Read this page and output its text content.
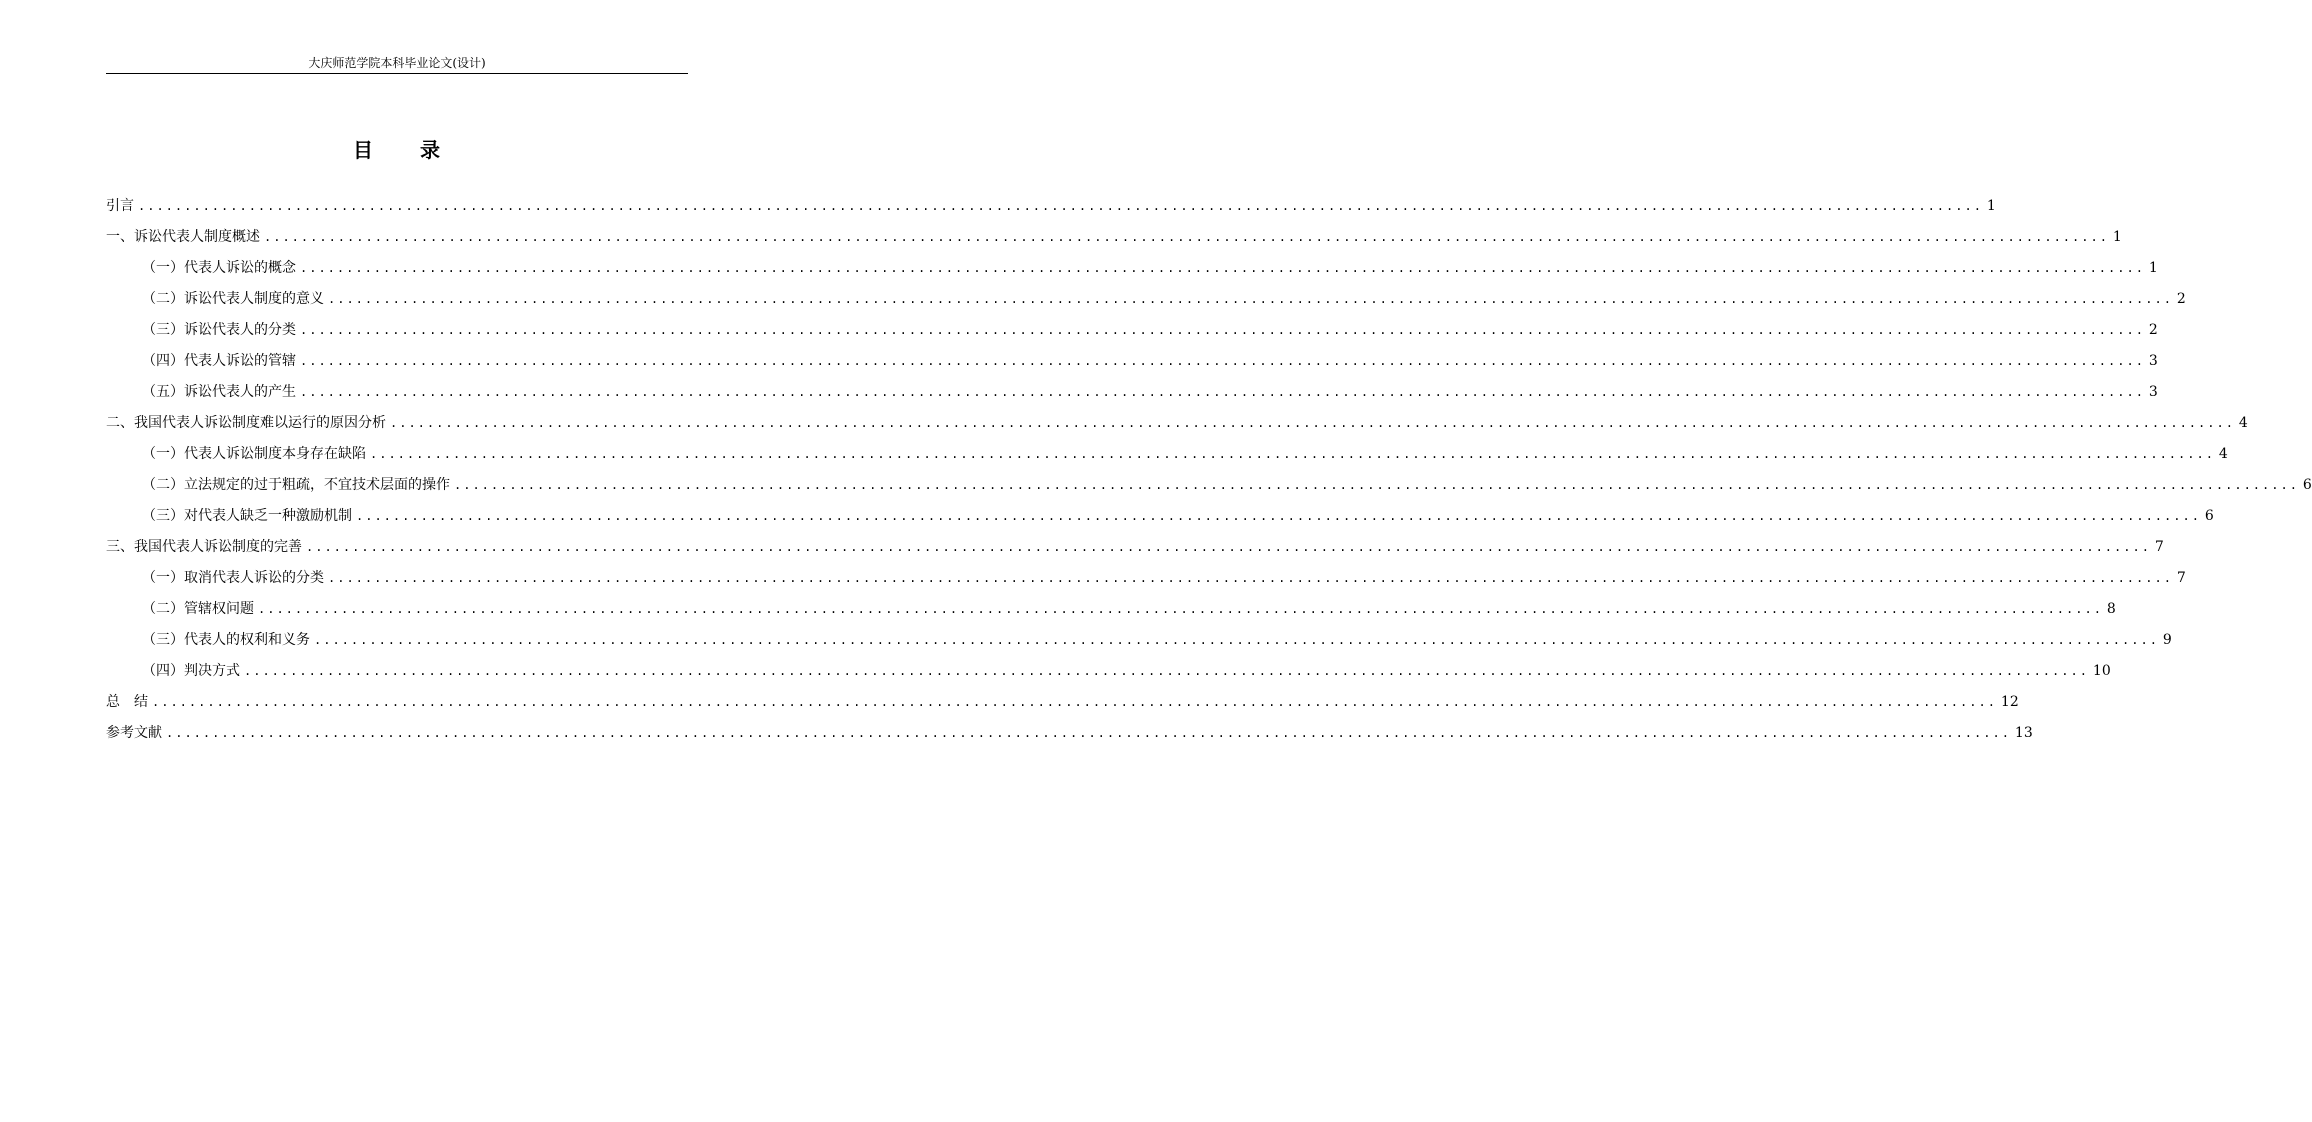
大庆师范学院本科毕业论文(设计)
目 录
引言 ........................................................................................................................................................................................................ 1
一、诉讼代表人制度概述 ........................................................................................................................................................................................................ 1
（一）代表人诉讼的概念 ........................................................................................................................................................................................................ 1
（二）诉讼代表人制度的意义 ........................................................................................................................................................................................................ 2
（三）诉讼代表人的分类 ........................................................................................................................................................................................................ 2
（四）代表人诉讼的管辖 ........................................................................................................................................................................................................ 3
（五）诉讼代表人的产生 ........................................................................................................................................................................................................ 3
二、我国代表人诉讼制度难以运行的原因分析 ........................................................................................................................................................................................................ 4
（一）代表人诉讼制度本身存在缺陷 ........................................................................................................................................................................................................ 4
（二）立法规定的过于粗疏，不宜技术层面的操作 ........................................................................................................................................................................................................ 6
（三）对代表人缺乏一种激励机制 ........................................................................................................................................................................................................ 6
三、我国代表人诉讼制度的完善 ........................................................................................................................................................................................................ 7
（一）取消代表人诉讼的分类 ........................................................................................................................................................................................................ 7
（二）管辖权问题 ........................................................................................................................................................................................................ 8
（三）代表人的权利和义务 ........................................................................................................................................................................................................ 9
（四）判决方式 ........................................................................................................................................................................................................ 10
总　结 ........................................................................................................................................................................................................ 12
参考文献 ........................................................................................................................................................................................................ 13
